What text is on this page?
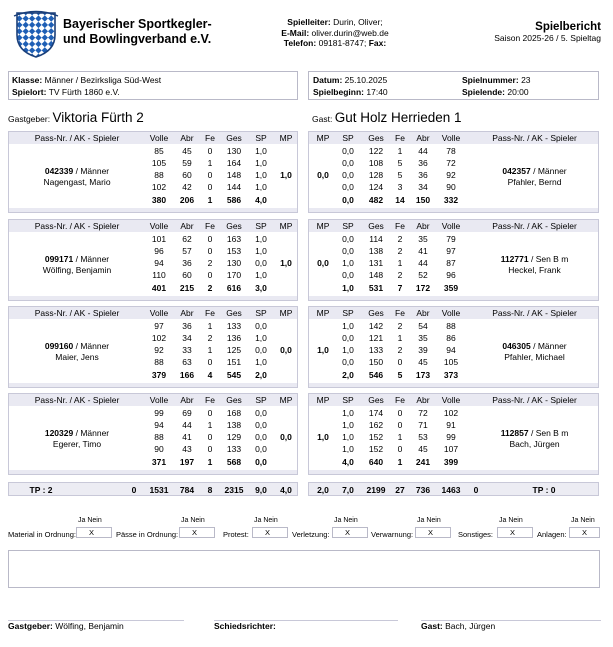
Bayerischer Sportkegler-
und Bowlingverband e.V.
Spielleiter: Durin, Oliver;
E-Mail: oliver.durin@web.de
Telefon: 09181-8747; Fax:
Spielbericht
Saison 2025-26 / 5. Spieltag
Klasse: Männer / Bezirksliga Süd-West
Spielort: TV Fürth 1860 e.V.
Datum: 25.10.2025
Spielbeginn: 17:40
Spielnummer: 23
Spielende: 20:00
Gastgeber: Viktoria Fürth 2	Gast: Gut Holz Herrieden 1
Pass-Nr. / AK - Spieler	Volle	Abr	Fe	Ges	SP	MP
042339 / Männer
Nagengast, Mario
85	45	0	130	1,0
105	59	1	164	1,0
88	60	0	148	1,0
102	42	0	144	1,0
380	206	1	586	4,0
1,0
Pass-Nr. / AK - Spieler
MP	SP	Ges	Fe	Abr	Volle
042357 / Männer
Pfahler, Bernd
0,0	122	1	44	78
0,0	108	5	36	72
0,0	128	5	36	92
0,0	124	3	34	90
0,0	482	14	150	332
0,0
Pass-Nr. / AK - Spieler	Volle	Abr	Fe	Ges	SP	MP
099171 / Männer
Wölfing, Benjamin
101	62	0	163	1,0
96	57	0	153	1,0
94	36	2	130	0,0
110	60	0	170	1,0
401	215	2	616	3,0
1,0
Pass-Nr. / AK - Spieler
MP	SP	Ges	Fe	Abr	Volle
112771 / Sen B m
Heckel, Frank
0,0	114	2	35	79
0,0	138	2	41	97
1,0	131	1	44	87
0,0	148	2	52	96
1,0	531	7	172	359
0,0
Pass-Nr. / AK - Spieler	Volle	Abr	Fe	Ges	SP	MP
099160 / Männer
Maier, Jens
97	36	1	133	0,0
102	34	2	136	1,0
92	33	1	125	0,0
88	63	0	151	1,0
379	166	4	545	2,0
0,0
Pass-Nr. / AK - Spieler
MP	SP	Ges	Fe	Abr	Volle
046305 / Männer
Pfahler, Michael
1,0	142	2	54	88
0,0	121	1	35	86
1,0	133	2	39	94
0,0	150	0	45	105
2,0	546	5	173	373
1,0
Pass-Nr. / AK - Spieler	Volle	Abr	Fe	Ges	SP	MP
120329 / Männer
Egerer, Timo
99	69	0	168	0,0
94	44	1	138	0,0
88	41	0	129	0,0
90	43	0	133	0,0
371	197	1	568	0,0
0,0
Pass-Nr. / AK - Spieler
MP	SP	Ges	Fe	Abr	Volle
112857 / Sen B m
Bach, Jürgen
1,0	174	0	72	102
1,0	162	0	71	91
1,0	152	1	53	99
1,0	152	0	45	107
4,0	640	1	241	399
1,0
TP : 2	0	1531	784	8	2315	9,0	4,0	2,0	7,0	2199	27	736	1463	0	TP : 0
Material in Ordnung:
Ja Nein
X	Pässe in Ordnung:
Ja Nein
X	Protest:
Ja Nein
X	Verletzung:
Ja Nein
X	Verwarnung:
Ja Nein
X	Sonstiges:
Ja Nein
X	Anlagen:
Ja Nein
X
Gastgeber: Wölfing, Benjamin	Schiedsrichter:	Gast: Bach, Jürgen
